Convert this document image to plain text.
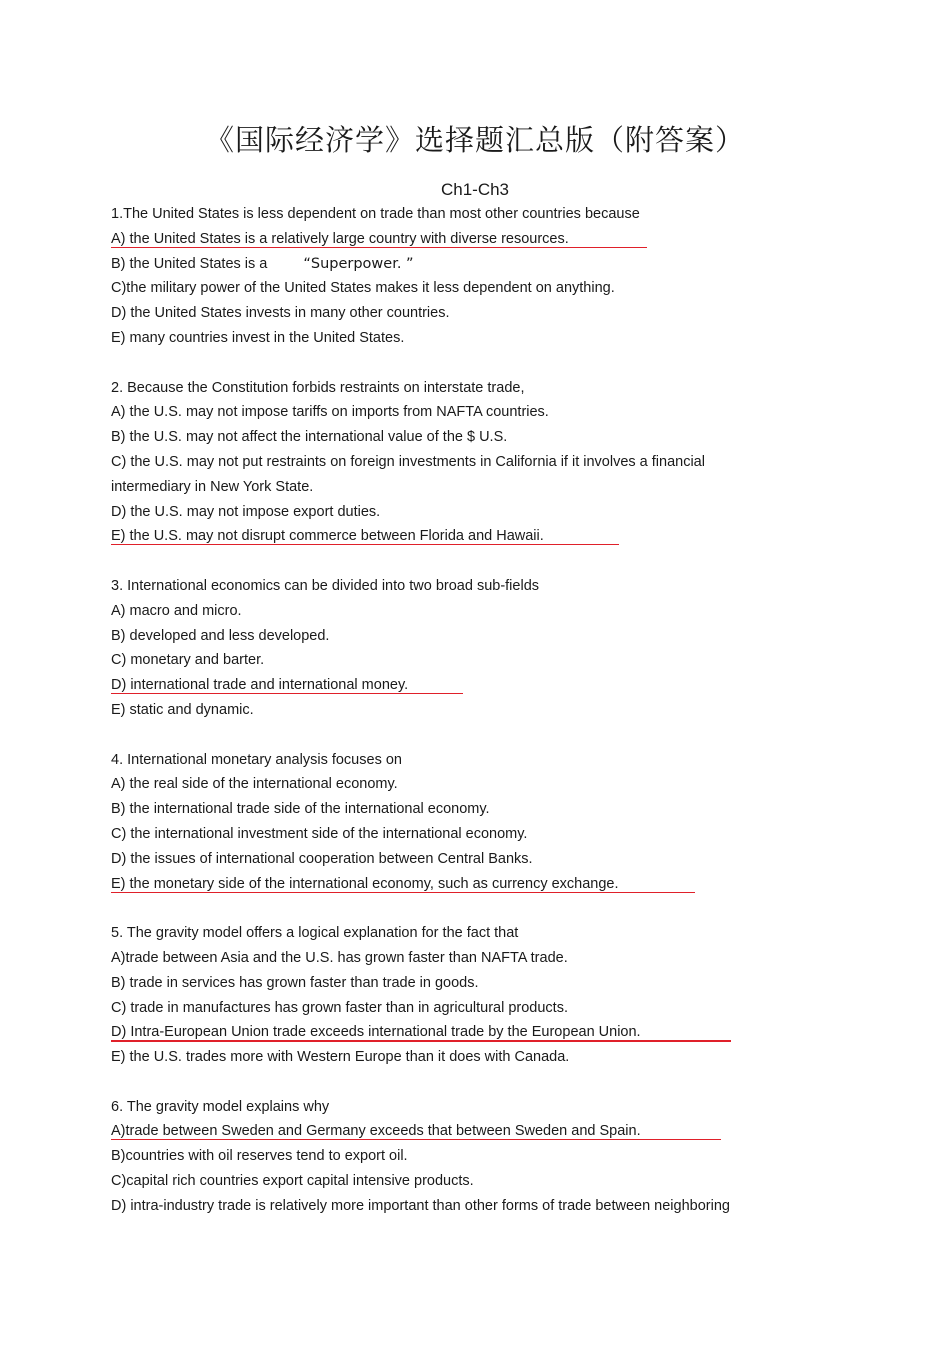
《国际经济学》选择题汇总版（附答案）
Ch1-Ch3
1.The United States is less dependent on trade than most other countries because
A) the United States is a relatively large country with diverse resources.
B) the United States is a “Superpower. ”
C)the military power of the United States makes it less dependent on anything.
D) the United States invests in many other countries.
E) many countries invest in the United States.
2. Because the Constitution forbids restraints on interstate trade,
A) the U.S. may not impose tariffs on imports from NAFTA countries.
B) the U.S. may not affect the international value of the $ U.S.
C) the U.S. may not put restraints on foreign investments in California if it involves a financial
intermediary in New York State.
D) the U.S. may not impose export duties.
E) the U.S. may not disrupt commerce between Florida and Hawaii.
3. International economics can be divided into two broad sub-fields
A) macro and micro.
B) developed and less developed.
C) monetary and barter.
D) international trade and international money.
E) static and dynamic.
4. International monetary analysis focuses on
A) the real side of the international economy.
B) the international trade side of the international economy.
C) the international investment side of the international economy.
D) the issues of international cooperation between Central Banks.
E) the monetary side of the international economy, such as currency exchange.
5. The gravity model offers a logical explanation for the fact that
A)trade between Asia and the U.S. has grown faster than NAFTA trade.
B) trade in services has grown faster than trade in goods.
C) trade in manufactures has grown faster than in agricultural products.
D) Intra-European Union trade exceeds international trade by the European Union.
E) the U.S. trades more with Western Europe than it does with Canada.
6. The gravity model explains why
A)trade between Sweden and Germany exceeds that between Sweden and Spain.
B)countries with oil reserves tend to export oil.
C)capital rich countries export capital intensive products.
D) intra-industry trade is relatively more important than other forms of trade between neighboring
